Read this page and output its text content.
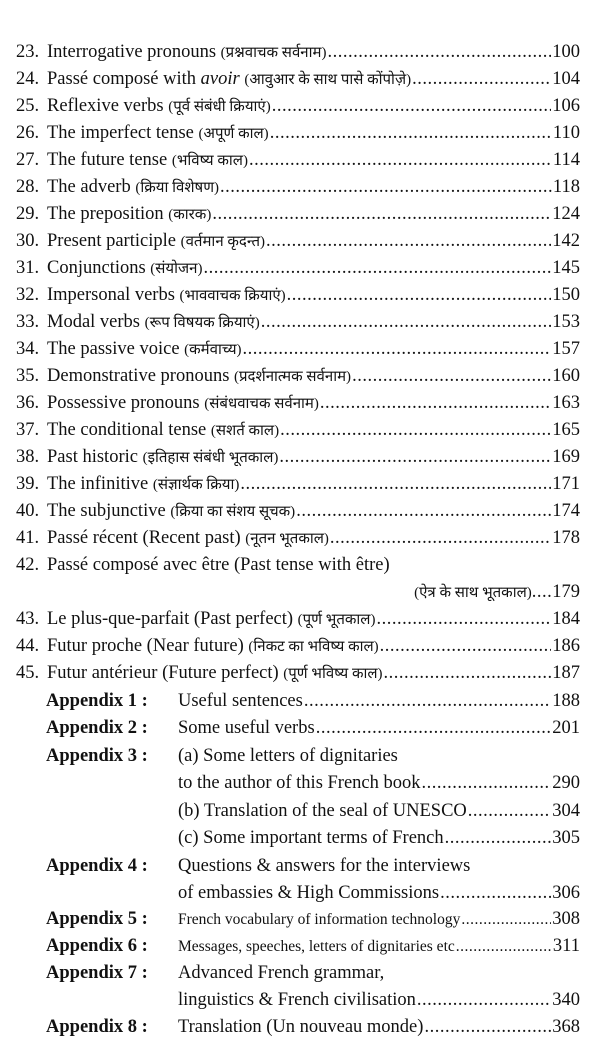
23. Interrogative pronouns (प्रश्नवाचक सर्वनाम) .....	100
24. Passé composé with avoir (आवुआर के साथ पासे कोंपोज़े) .....	104
25. Reflexive verbs (पूर्व संबंधी क्रियाएं) .....	106
26. The imperfect tense (अपूर्ण काल) .....	110
27. The future tense (भविष्य काल) .....	114
28. The adverb (क्रिया विशेषण) .....	118
29. The preposition (कारक) .....	124
30. Present participle (वर्तमान कृदन्त) .....	142
31. Conjunctions (संयोजन) .....	145
32. Impersonal verbs (भाववाचक क्रियाएं) .....	150
33. Modal verbs (रूप विषयक क्रियाएं) .....	153
34. The passive voice (कर्मवाच्य) .....	157
35. Demonstrative pronouns (प्रदर्शनात्मक सर्वनाम) .....	160
36. Possessive pronouns (संबंधवाचक सर्वनाम) .....	163
37. The conditional tense (सशर्त काल) .....	165
38. Past historic (इतिहास संबंधी भूतकाल) .....	169
39. The infinitive (संज्ञार्थक क्रिया) .....	171
40. The subjunctive (क्रिया का संशय सूचक) .....	174
41. Passé récent (Recent past) (नूतन भूतकाल) .....	178
42. Passé composé avec être (Past tense with être)
(ऐत्र के साथ भूतकाल) .... 179
43. Le plus-que-parfait (Past perfect) (पूर्ण भूतकाल) .....	184
44. Futur proche (Near future) (निकट का भविष्य काल) .....	186
45. Futur antérieur (Future perfect) (पूर्ण भविष्य काल) .....	187
Appendix 1 :	Useful sentences .....	188
Appendix 2 :	Some useful verbs .....	201
Appendix 3 :	(a) Some letters of dignitaries
to the author of this French book .....	290
(b) Translation of the seal of UNESCO .....	304
(c) Some important terms of French .....	305
Appendix 4 :	Questions & answers for the interviews
of embassies & High Commissions .....	306
Appendix 5 :	French vocabulary of information technology .....	308
Appendix 6 :	Messages, speeches, letters of dignitaries etc .....	311
Appendix 7 :	Advanced French grammar,
linguistics & French civilisation .....	340
Appendix 8 :	Translation (Un nouveau monde) .....	368
